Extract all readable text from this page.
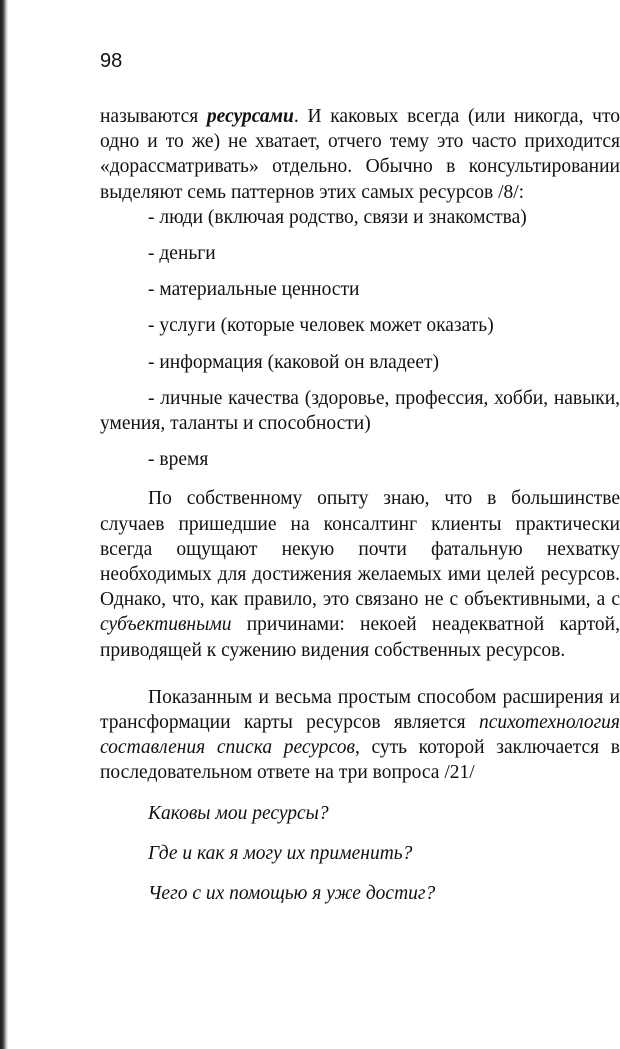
98

называются ресурсами. И каковых всегда (или никогда, что одно и то же) не хватает, отчего тему это часто приходится «дорассматривать» отдельно. Обычно в консультировании выделяют семь паттернов этих самых ресурсов /8/:

- люди (включая родство, связи и знакомства)

- деньги

- материальные ценности

- услуги (которые человек может оказать)

- информация (каковой он владеет)

- личные качества (здоровье, профессия, хобби, навыки, умения, таланты и способности)

- время

По собственному опыту знаю, что в большинстве случаев пришедшие на консалтинг клиенты практически всегда ощущают некую почти фатальную нехватку необходимых для достижения желаемых ими целей ресурсов. Однако, что, как правило, это связано не с объективными, а с субъективными причинами: некоей неадекватной картой, приводящей к сужению видения собственных ресурсов.

Показанным и весьма простым способом расширения и трансформации карты ресурсов является психотехнология составления списка ресурсов, суть которой заключается в последовательном ответе на три вопроса /21/

Каковы мои ресурсы?

Где и как я могу их применить?

Чего с их помощью я уже достиг?
